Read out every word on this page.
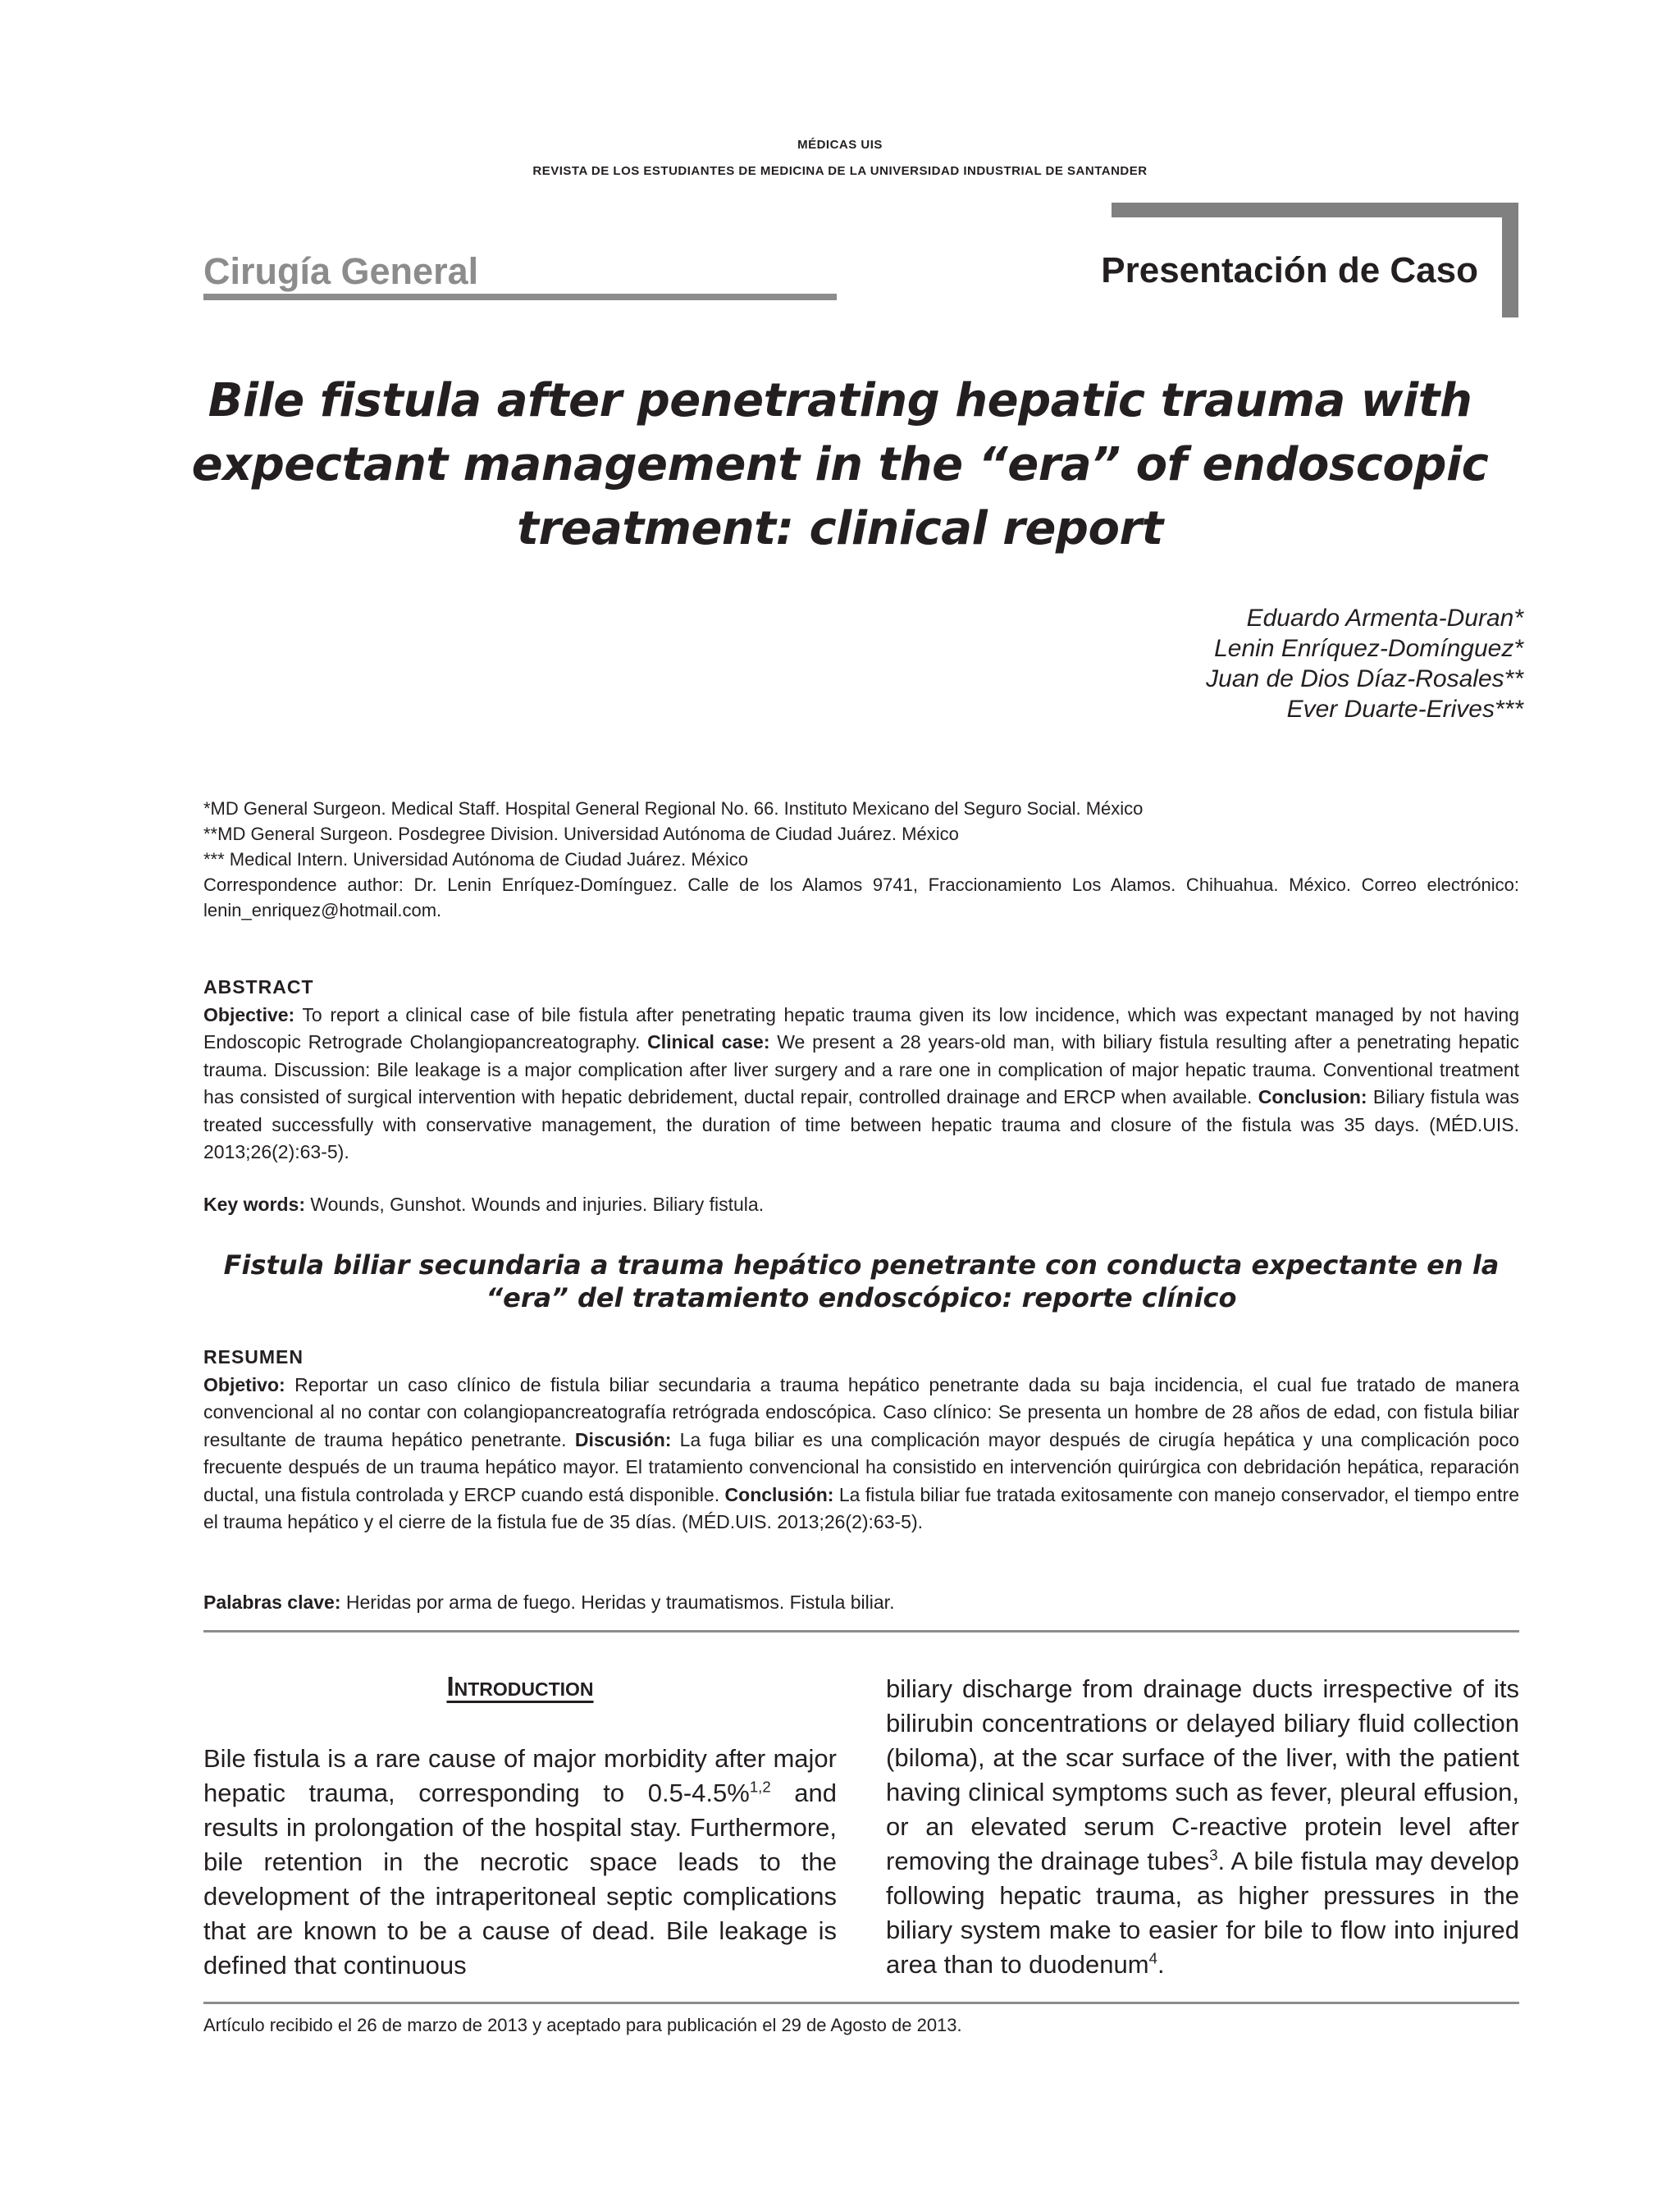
MÉDICAS UIS
REVISTA DE LOS ESTUDIANTES DE MEDICINA DE LA UNIVERSIDAD INDUSTRIAL DE SANTANDER
Cirugía General	Presentación de Caso
Bile fistula after penetrating hepatic trauma with expectant management in the “era” of endoscopic treatment: clinical report
Eduardo Armenta-Duran*
Lenin Enríquez-Domínguez*
Juan de Dios Díaz-Rosales**
Ever Duarte-Erives***
*MD General Surgeon. Medical Staff. Hospital General Regional No. 66. Instituto Mexicano del Seguro Social. México
**MD General Surgeon. Posdegree Division. Universidad Autónoma de Ciudad Juárez. México
*** Medical Intern. Universidad Autónoma de Ciudad Juárez. México
Correspondence author: Dr. Lenin Enríquez-Domínguez. Calle de los Alamos 9741, Fraccionamiento Los Alamos. Chihuahua. México. Correo electrónico: lenin_enriquez@hotmail.com.
ABSTRACT
Objective: To report a clinical case of bile fistula after penetrating hepatic trauma given its low incidence, which was expectant managed by not having Endoscopic Retrograde Cholangiopancreatography. Clinical case: We present a 28 years-old man, with biliary fistula resulting after a penetrating hepatic trauma. Discussion: Bile leakage is a major complication after liver surgery and a rare one in complication of major hepatic trauma. Conventional treatment has consisted of surgical intervention with hepatic debridement, ductal repair, controlled drainage and ERCP when available. Conclusion: Biliary fistula was treated successfully with conservative management, the duration of time between hepatic trauma and closure of the fistula was 35 days. (MÉD.UIS. 2013;26(2):63-5).
Key words: Wounds, Gunshot. Wounds and injuries. Biliary fistula.
Fistula biliar secundaria a trauma hepático penetrante con conducta expectante en la “era” del tratamiento endoscópico: reporte clínico
RESUMEN
Objetivo: Reportar un caso clínico de fistula biliar secundaria a trauma hepático penetrante dada su baja incidencia, el cual fue tratado de manera convencional al no contar con colangiopancreatografía retrógrada endoscópica. Caso clínico: Se presenta un hombre de 28 años de edad, con fistula biliar resultante de trauma hepático penetrante. Discusión: La fuga biliar es una complicación mayor después de cirugía hepática y una complicación poco frecuente después de un trauma hepático mayor. El tratamiento convencional ha consistido en intervención quirúrgica con debridación hepática, reparación ductal, una fistula controlada y ERCP cuando está disponible. Conclusión: La fistula biliar fue tratada exitosamente con manejo conservador, el tiempo entre el trauma hepático y el cierre de la fistula fue de 35 días. (MÉD.UIS. 2013;26(2):63-5).
Palabras clave: Heridas por arma de fuego. Heridas y traumatismos. Fistula biliar.
Introduction
Bile fistula is a rare cause of major morbidity after major hepatic trauma, corresponding to 0.5-4.5%$^{1,2}$ and results in prolongation of the hospital stay. Furthermore, bile retention in the necrotic space leads to the development of the intraperitoneal septic complications that are known to be a cause of dead. Bile leakage is defined that continuous
biliary discharge from drainage ducts irrespective of its bilirubin concentrations or delayed biliary fluid collection (biloma), at the scar surface of the liver, with the patient having clinical symptoms such as fever, pleural effusion, or an elevated serum C-reactive protein level after removing the drainage tubes$^3$. A bile fistula may develop following hepatic trauma, as higher pressures in the biliary system make to easier for bile to flow into injured area than to duodenum$^4$.
Artículo recibido el 26 de marzo de 2013 y aceptado para publicación el 29 de Agosto de 2013.
